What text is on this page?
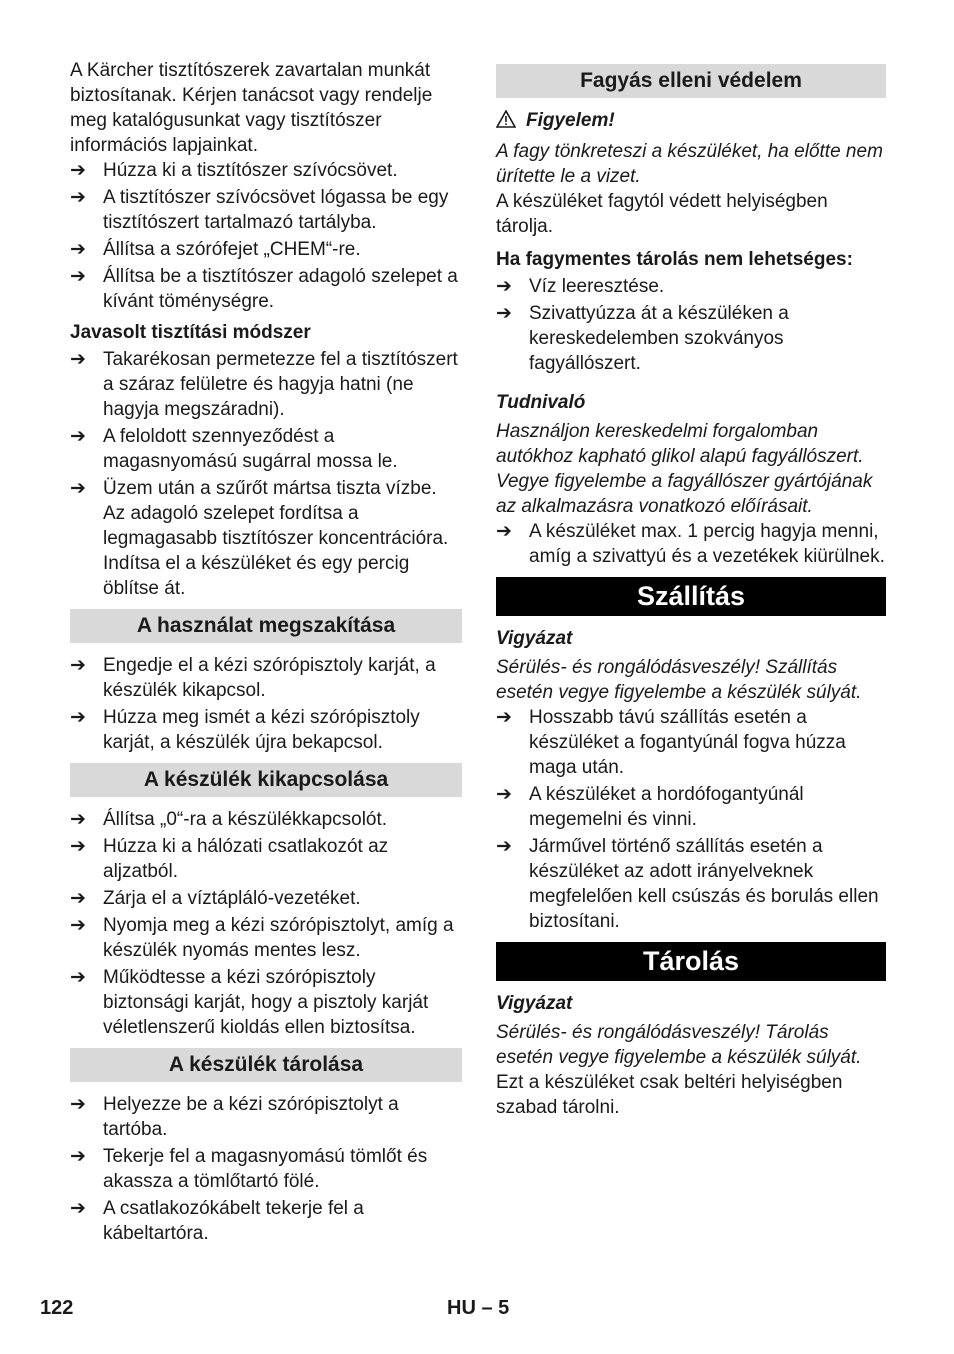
A Kärcher tisztítószerek zavartalan munkát biztosítanak. Kérjen tanácsot vagy rendelje meg katalógusunkat vagy tisztítószer információs lapjainkat.

➔ Húzza ki a tisztítószer szívócsövet.
➔ A tisztítószer szívócsövet lógassa be egy tisztítószert tartalmazó tartályba.
➔ Állítsa a szórófejet „CHEM“-re.
➔ Állítsa be a tisztítószer adagoló szelepet a kívánt töménységre.

Javasolt tisztítási módszer

➔ Takarékosan permetezze fel a tisztítószert a száraz felületre és hagyja hatni (ne hagyja megszáradni).
➔ A feloldott szennyeződést a magasnyomású sugárral mossa le.
➔ Üzem után a szűrőt mártsa tiszta vízbe. Az adagoló szelepet fordítsa a legmagasabb tisztítószer koncentrációra. Indítsa el a készüléket és egy percig öblítse át.
A használat megszakítása
➔ Engedje el a kézi szórópisztoly karját, a készülék kikapcsol.
➔ Húzza meg ismét a kézi szórópisztoly karját, a készülék újra bekapcsol.
A készülék kikapcsolása
➔ Állítsa „0“-ra a készülékkapcsolót.
➔ Húzza ki a hálózati csatlakozót az aljzatból.
➔ Zárja el a víztápláló-vezetéket.
➔ Nyomja meg a kézi szórópisztolyt, amíg a készülék nyomás mentes lesz.
➔ Működtesse a kézi szórópisztoly biztonsági karját, hogy a pisztoly karját véletlenszerű kioldás ellen biztosítsa.
A készülék tárolása
➔ Helyezze be a kézi szórópisztolyt a tartóba.
➔ Tekerje fel a magasnyomású tömlőt és akassza a tömlőtartó fölé.
➔ A csatlakozókábelt tekerje fel a kábeltartóra.
Fagyás elleni védelem

Figyelem!

A fagy tönkreteszi a készüléket, ha előtte nem ürítette le a vizet.

A készüléket fagytól védett helyiségben tárolja.

Ha fagymentes tárolás nem lehetséges:

➔ Víz leeresztése.
➔ Szivattyúzza át a készüléken a kereskedelemben szokványos fagyállószert.

Tudnivaló

Használjon kereskedelmi forgalomban autókhoz kapható glikol alapú fagyállószert. Vegye figyelembe a fagyállószer gyártójának az alkalmazásra vonatkozó előírásait.

➔ A készüléket max. 1 percig hagyja menni, amíg a szivattyú és a vezetékek kiürülnek.
Szállítás

Vigyázat

Sérülés- és rongálódásveszély! Szállítás esetén vegye figyelembe a készülék súlyát.

➔ Hosszabb távú szállítás esetén a készüléket a fogantyúnál fogva húzza maga után.
➔ A készüléket a hordófogantyúnál megemelni és vinni.
➔ Járművel történő szállítás esetén a készüléket az adott irányelveknek megfelelően kell csúszás és borulás ellen biztosítani.
Tárolás

Vigyázat

Sérülés- és rongálódásveszély! Tárolás esetén vegye figyelembe a készülék súlyát.

Ezt a készüléket csak beltéri helyiségben szabad tárolni.

122	HU – 5
